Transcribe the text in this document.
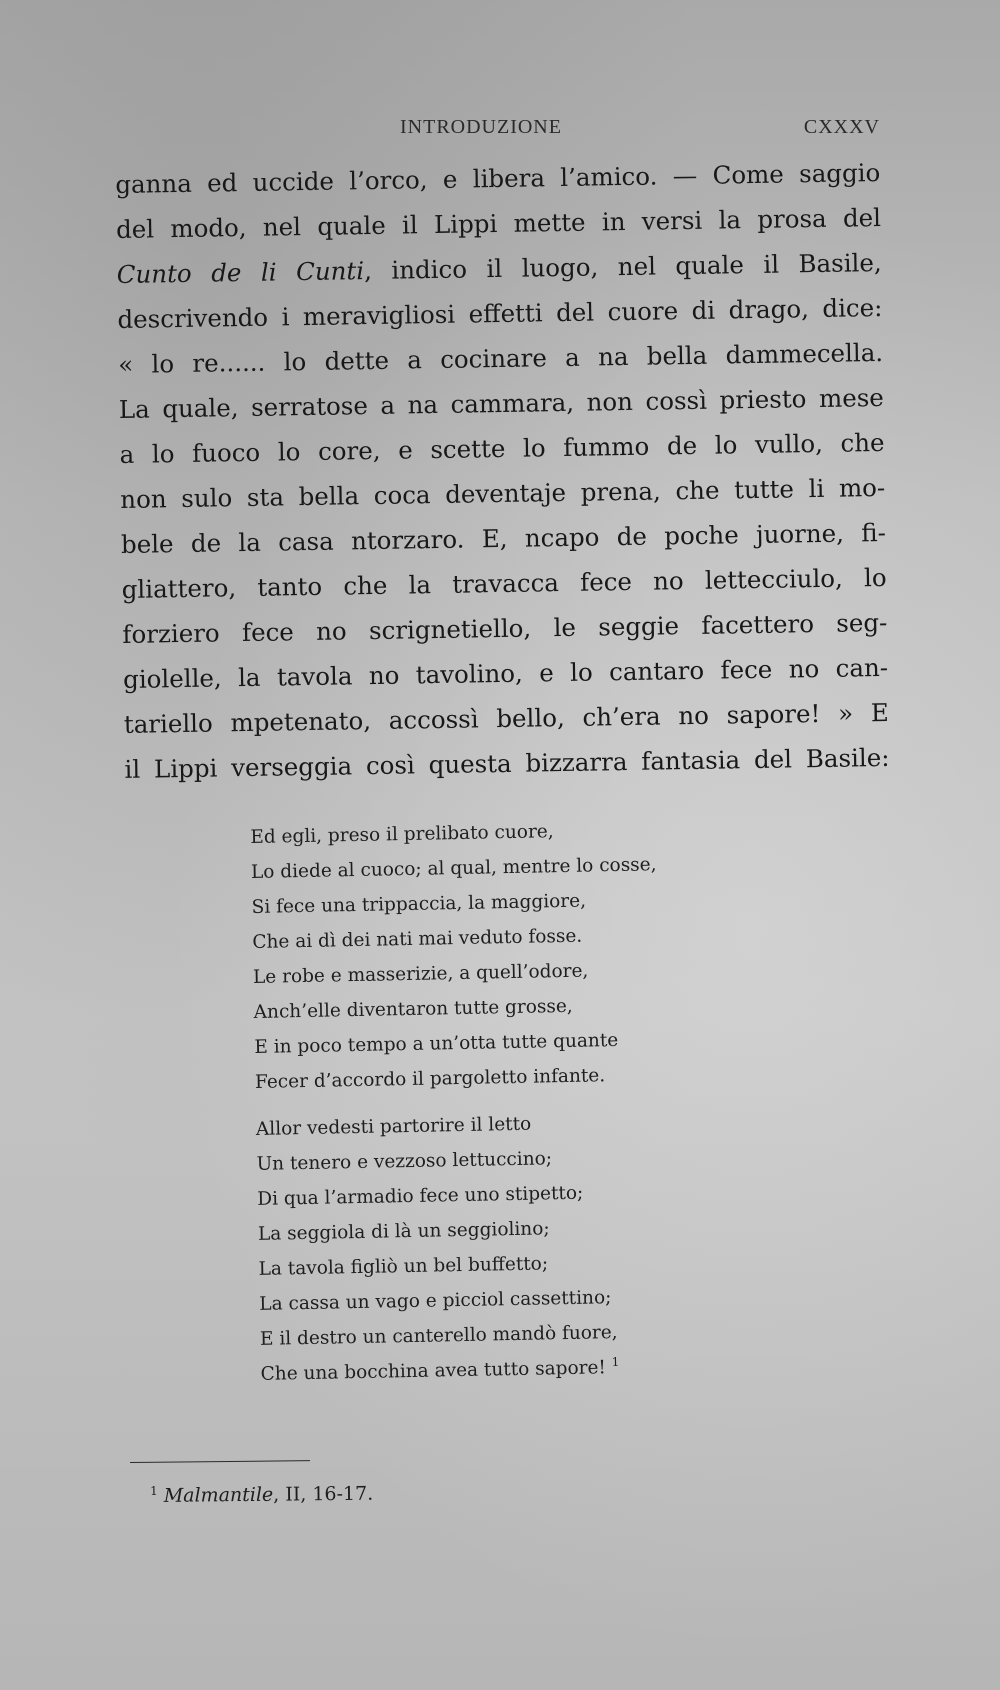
INTRODUZIONE	CXXXV
ganna ed uccide l’orco, e libera l’amico. — Come saggio
del modo, nel quale il Lippi mette in versi la prosa del
Cunto de li Cunti, indico il luogo, nel quale il Basile,
descrivendo i meravigliosi effetti del cuore di drago, dice:
« lo re...... lo dette a cocinare a na bella dammecella.
La quale, serratose a na cammara, non cossì priesto mese
a lo fuoco lo core, e scette lo fummo de lo vullo, che
non sulo sta bella coca deventaje prena, che tutte li mo-
bele de la casa ntorzaro. E, ncapo de poche juorne, fi-
gliattero, tanto che la travacca fece no lettecciulo, lo
forziero fece no scrignetiello, le seggie facettero seg-
giolelle, la tavola no tavolino, e lo cantaro fece no can-
tariello mpetenato, accossì bello, ch’era no sapore! » E
il Lippi verseggia così questa bizzarra fantasia del Basile:
Ed egli, preso il prelibato cuore,
Lo diede al cuoco; al qual, mentre lo cosse,
Si fece una trippaccia, la maggiore,
Che ai dì dei nati mai veduto fosse.
Le robe e masserizie, a quell’odore,
Anch’elle diventaron tutte grosse,
E in poco tempo a un’otta tutte quante
Fecer d’accordo il pargoletto infante.
Allor vedesti partorire il letto
Un tenero e vezzoso lettuccino;
Di qua l’armadio fece uno stipetto;
La seggiola di là un seggiolino;
La tavola figliò un bel buffetto;
La cassa un vago e picciol cassettino;
E il destro un canterello mandò fuore,
Che una bocchina avea tutto sapore! $^1$
$^1$ Malmantile, II, 16-17.
